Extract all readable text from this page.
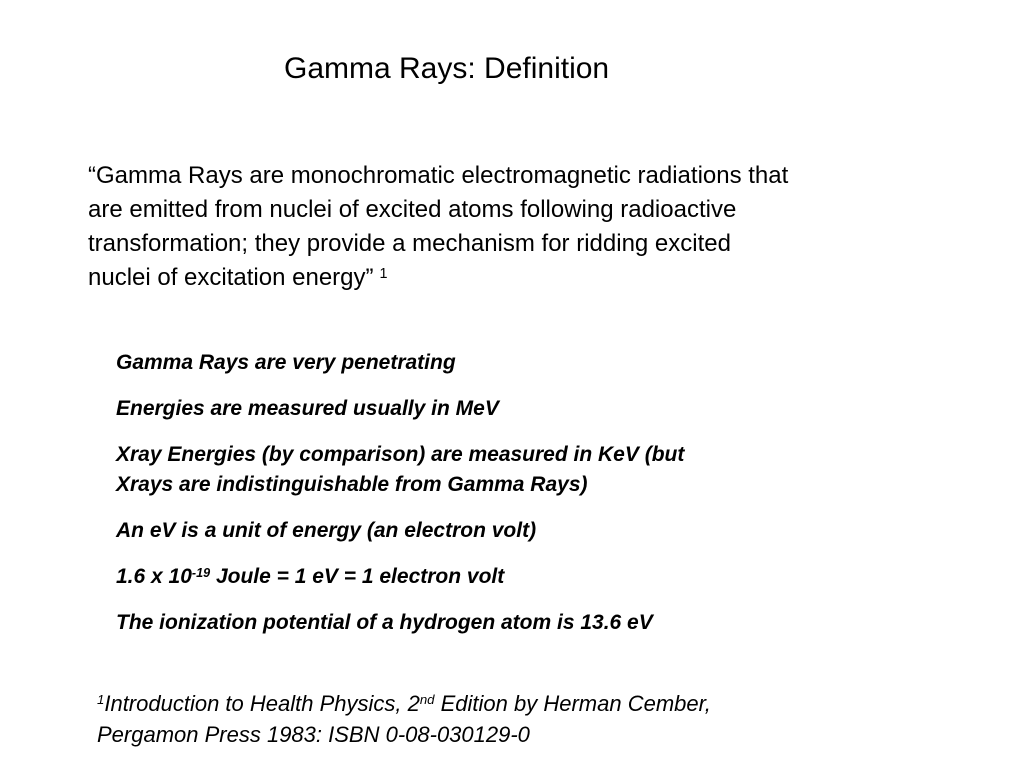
Gamma Rays: Definition

“Gamma Rays are monochromatic electromagnetic radiations that
are emitted from nuclei of excited atoms following radioactive
transformation; they provide a mechanism for ridding excited
nuclei of excitation energy” $^1$

Gamma Rays are very penetrating
Energies are measured usually in MeV
Xray Energies (by comparison) are measured in KeV (but
Xrays are indistinguishable from Gamma Rays)
An eV is a unit of energy (an electron volt)
1.6 x $10^{-19}$ Joule = 1 eV = 1 electron volt
The ionization potential of a hydrogen atom is 13.6 eV

$^1$Introduction to Health Physics, 2nd Edition by Herman Cember,
Pergamon Press 1983: ISBN 0-08-030129-0
